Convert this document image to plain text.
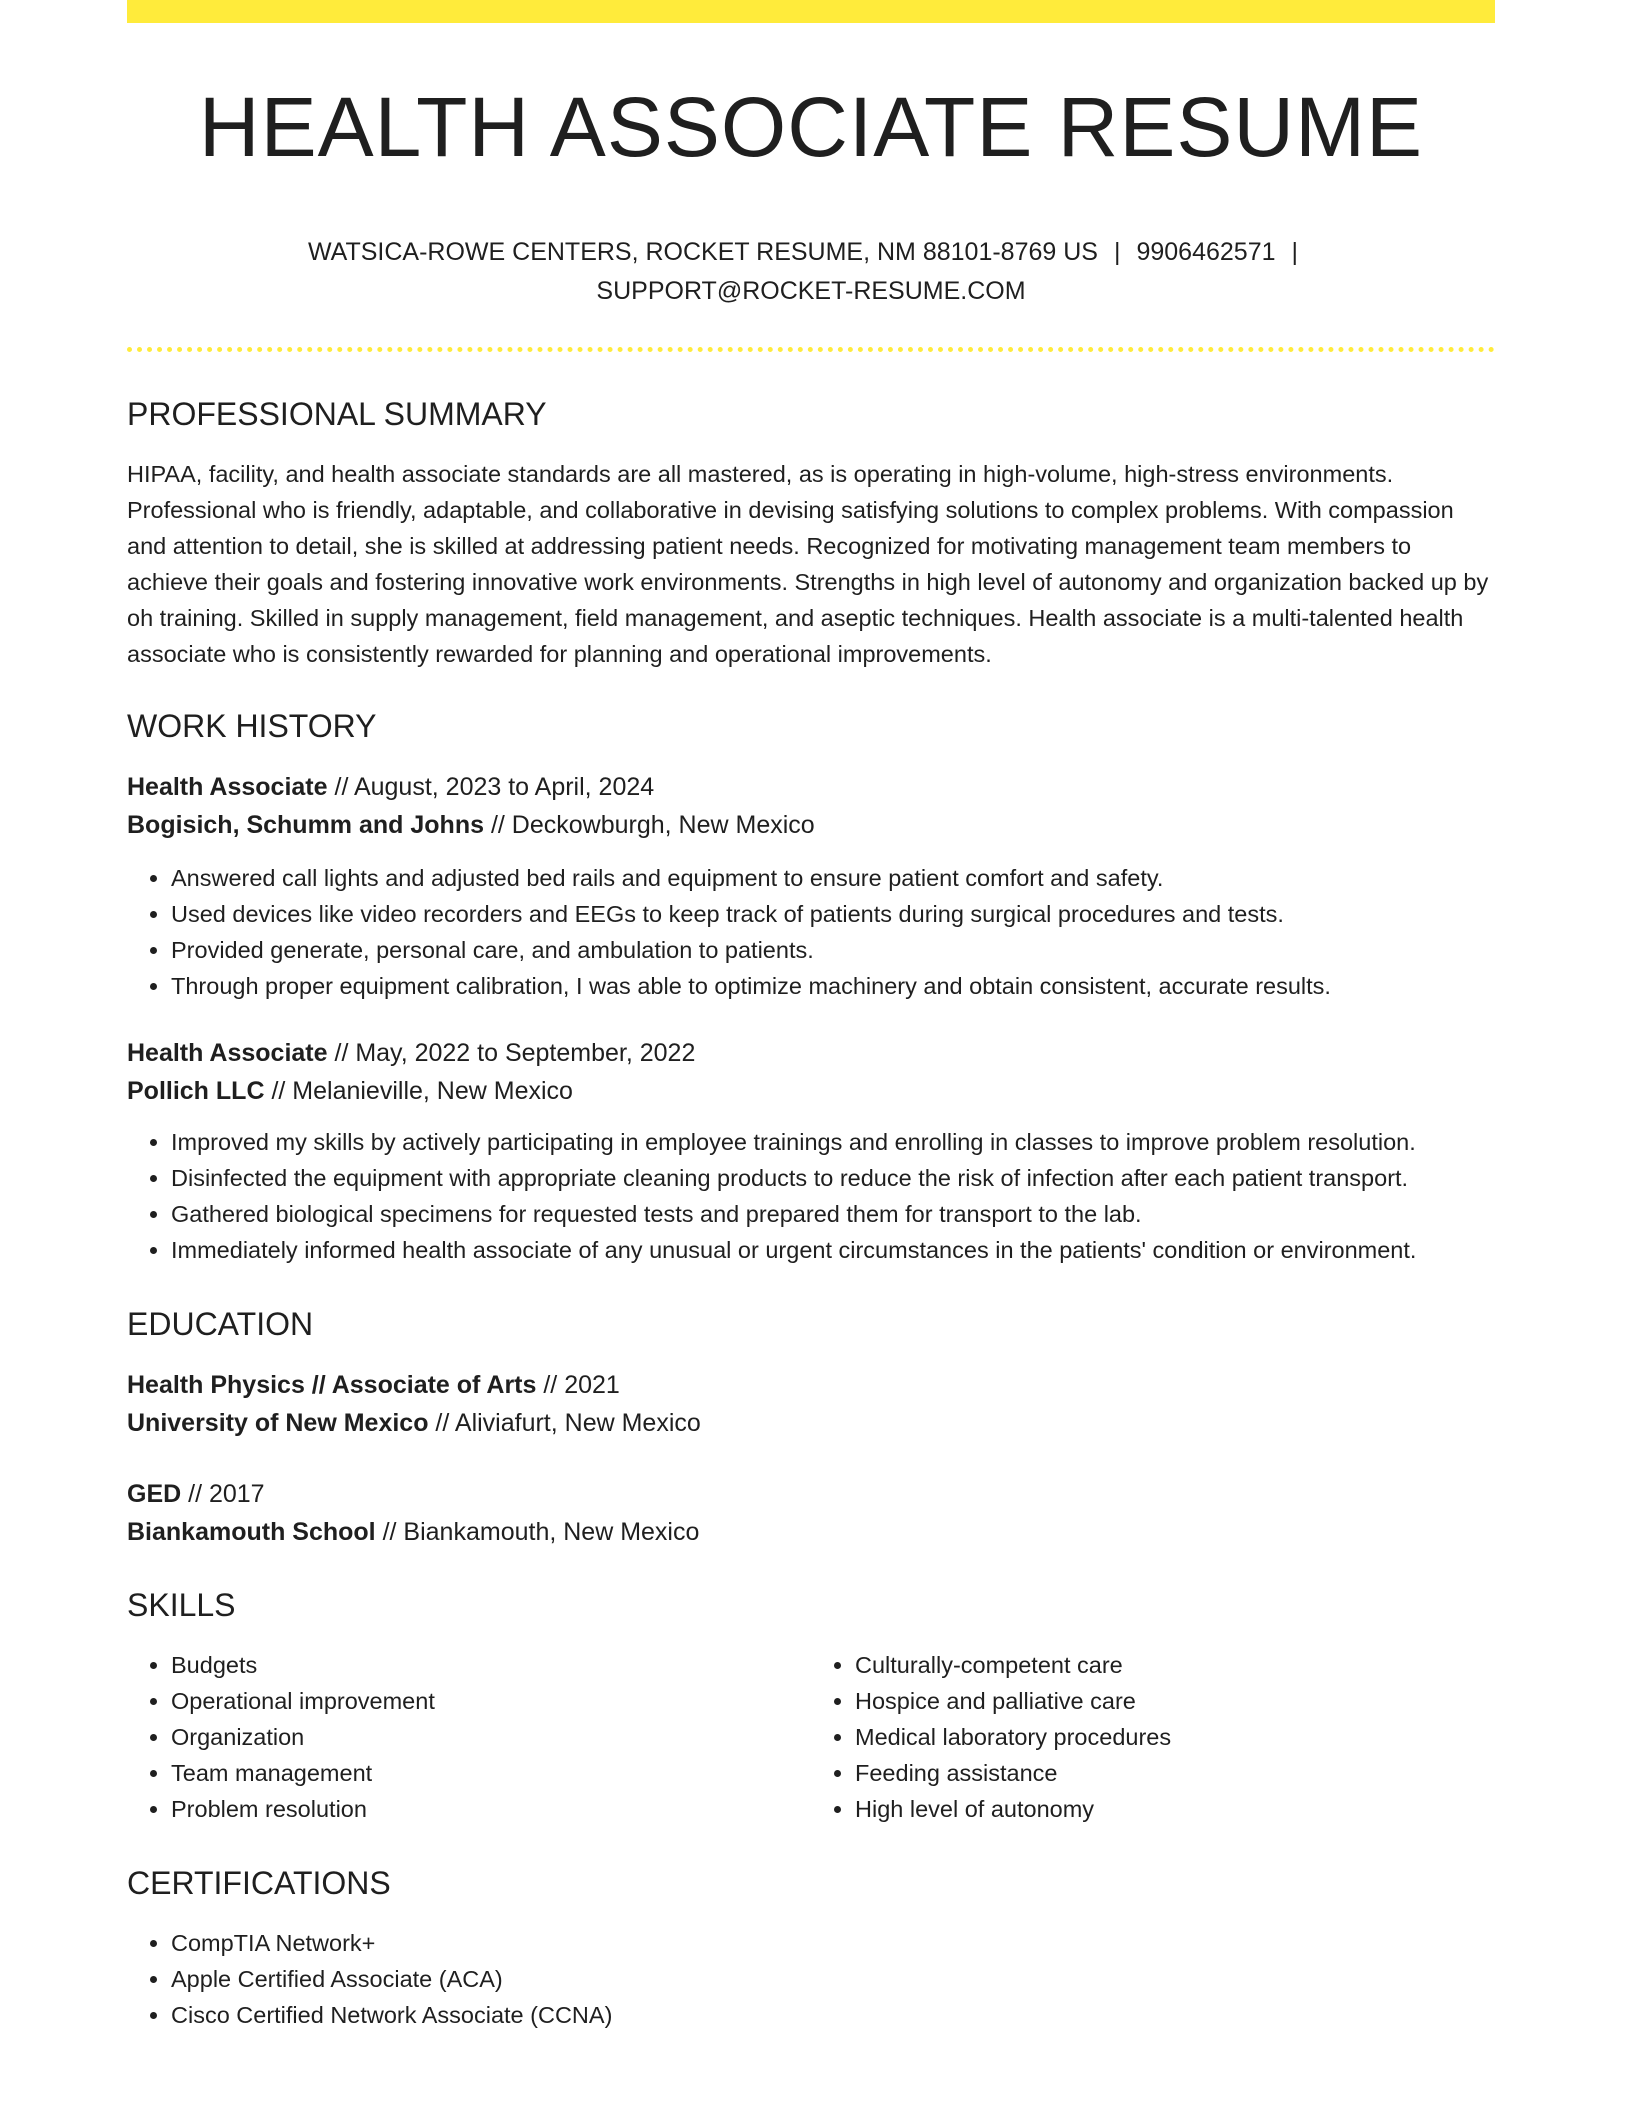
HEALTH ASSOCIATE RESUME
WATSICA-ROWE CENTERS, ROCKET RESUME, NM 88101-8769 US | 9906462571 |
SUPPORT@ROCKET-RESUME.COM
PROFESSIONAL SUMMARY

HIPAA, facility, and health associate standards are all mastered, as is operating in high-volume, high-stress environments. Professional who is friendly, adaptable, and collaborative in devising satisfying solutions to complex problems. With compassion and attention to detail, she is skilled at addressing patient needs. Recognized for motivating management team members to achieve their goals and fostering innovative work environments. Strengths in high level of autonomy and organization backed up by oh training. Skilled in supply management, field management, and aseptic techniques. Health associate is a multi-talented health associate who is consistently rewarded for planning and operational improvements.

WORK HISTORY
Health Associate // August, 2023 to April, 2024
Bogisich, Schumm and Johns // Deckowburgh, New Mexico
• Answered call lights and adjusted bed rails and equipment to ensure patient comfort and safety.
• Used devices like video recorders and EEGs to keep track of patients during surgical procedures and tests.
• Provided generate, personal care, and ambulation to patients.
• Through proper equipment calibration, I was able to optimize machinery and obtain consistent, accurate results.
Health Associate // May, 2022 to September, 2022
Pollich LLC // Melanieville, New Mexico
• Improved my skills by actively participating in employee trainings and enrolling in classes to improve problem resolution.
• Disinfected the equipment with appropriate cleaning products to reduce the risk of infection after each patient transport.
• Gathered biological specimens for requested tests and prepared them for transport to the lab.
• Immediately informed health associate of any unusual or urgent circumstances in the patients' condition or environment.
EDUCATION
Health Physics // Associate of Arts // 2021
University of New Mexico // Aliviafurt, New Mexico
GED // 2017
Biankamouth School // Biankamouth, New Mexico
SKILLS
• Budgets
• Operational improvement
• Organization
• Team management
• Problem resolution
• Culturally-competent care
• Hospice and palliative care
• Medical laboratory procedures
• Feeding assistance
• High level of autonomy
CERTIFICATIONS
• CompTIA Network+
• Apple Certified Associate (ACA)
• Cisco Certified Network Associate (CCNA)
